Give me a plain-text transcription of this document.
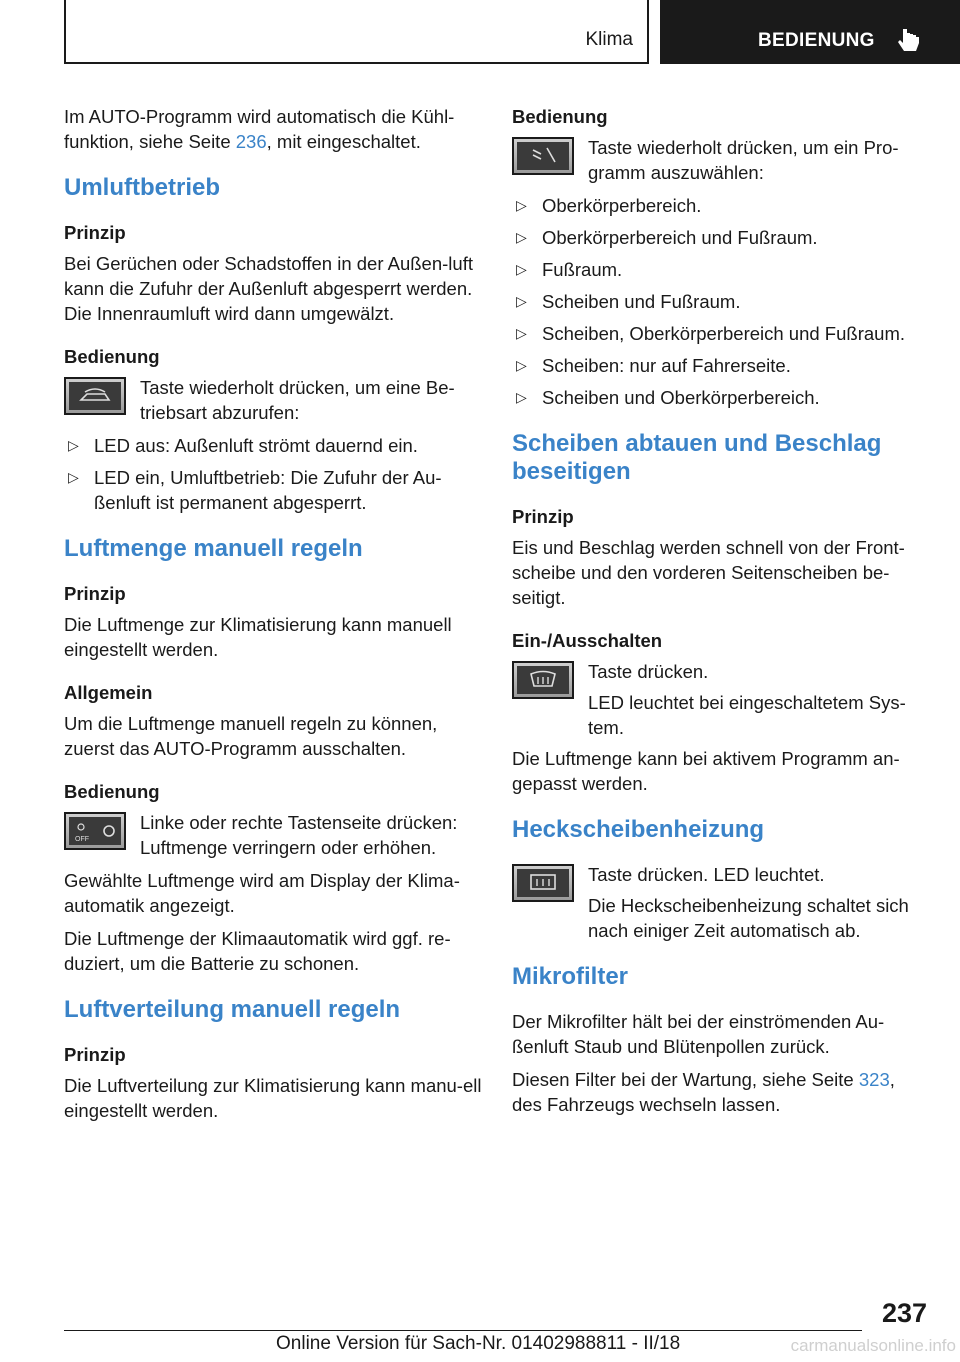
Klima	BEDIENUNG

Im AUTO-Programm wird automatisch die Kühl-funktion, siehe Seite 236, mit eingeschaltet.

Umluftbetrieb

Prinzip

Bei Gerüchen oder Schadstoffen in der Außen-luft kann die Zufuhr der Außenluft abgesperrt werden. Die Innenraumluft wird dann umgewälzt.

Bedienung

Taste wiederholt drücken, um eine Be-triebsart abzurufen:

▷ LED aus: Außenluft strömt dauernd ein.
▷ LED ein, Umluftbetrieb: Die Zufuhr der Au-ßenluft ist permanent abgesperrt.
Luftmenge manuell regeln

Prinzip

Die Luftmenge zur Klimatisierung kann manuell eingestellt werden.

Allgemein

Um die Luftmenge manuell regeln zu können, zuerst das AUTO-Programm ausschalten.

Bedienung

OFF

Linke oder rechte Tastenseite drücken: Luftmenge verringern oder erhöhen.

Gewählte Luftmenge wird am Display der Klima-automatik angezeigt.

Die Luftmenge der Klimaautomatik wird ggf. re-duziert, um die Batterie zu schonen.

Luftverteilung manuell regeln

Prinzip

Die Luftverteilung zur Klimatisierung kann manu-ell eingestellt werden.

Bedienung

Taste wiederholt drücken, um ein Pro-gramm auszuwählen:

▷ Oberkörperbereich.
▷ Oberkörperbereich und Fußraum.
▷ Fußraum.
▷ Scheiben und Fußraum.
▷ Scheiben, Oberkörperbereich und Fußraum.
▷ Scheiben: nur auf Fahrerseite.
▷ Scheiben und Oberkörperbereich.
Scheiben abtauen und Beschlag beseitigen

Prinzip

Eis und Beschlag werden schnell von der Front-scheibe und den vorderen Seitenscheiben be-seitigt.

Ein-/Ausschalten

Taste drücken.

LED leuchtet bei eingeschaltetem Sys-tem.

Die Luftmenge kann bei aktivem Programm an-gepasst werden.

Heckscheibenheizung

Taste drücken. LED leuchtet.

Die Heckscheibenheizung schaltet sich nach einiger Zeit automatisch ab.

Mikrofilter

Der Mikrofilter hält bei der einströmenden Au-ßenluft Staub und Blütenpollen zurück.

Diesen Filter bei der Wartung, siehe Seite 323, des Fahrzeugs wechseln lassen.

237
Online Version für Sach-Nr. 01402988811 - II/18	carmanualsonline.info
